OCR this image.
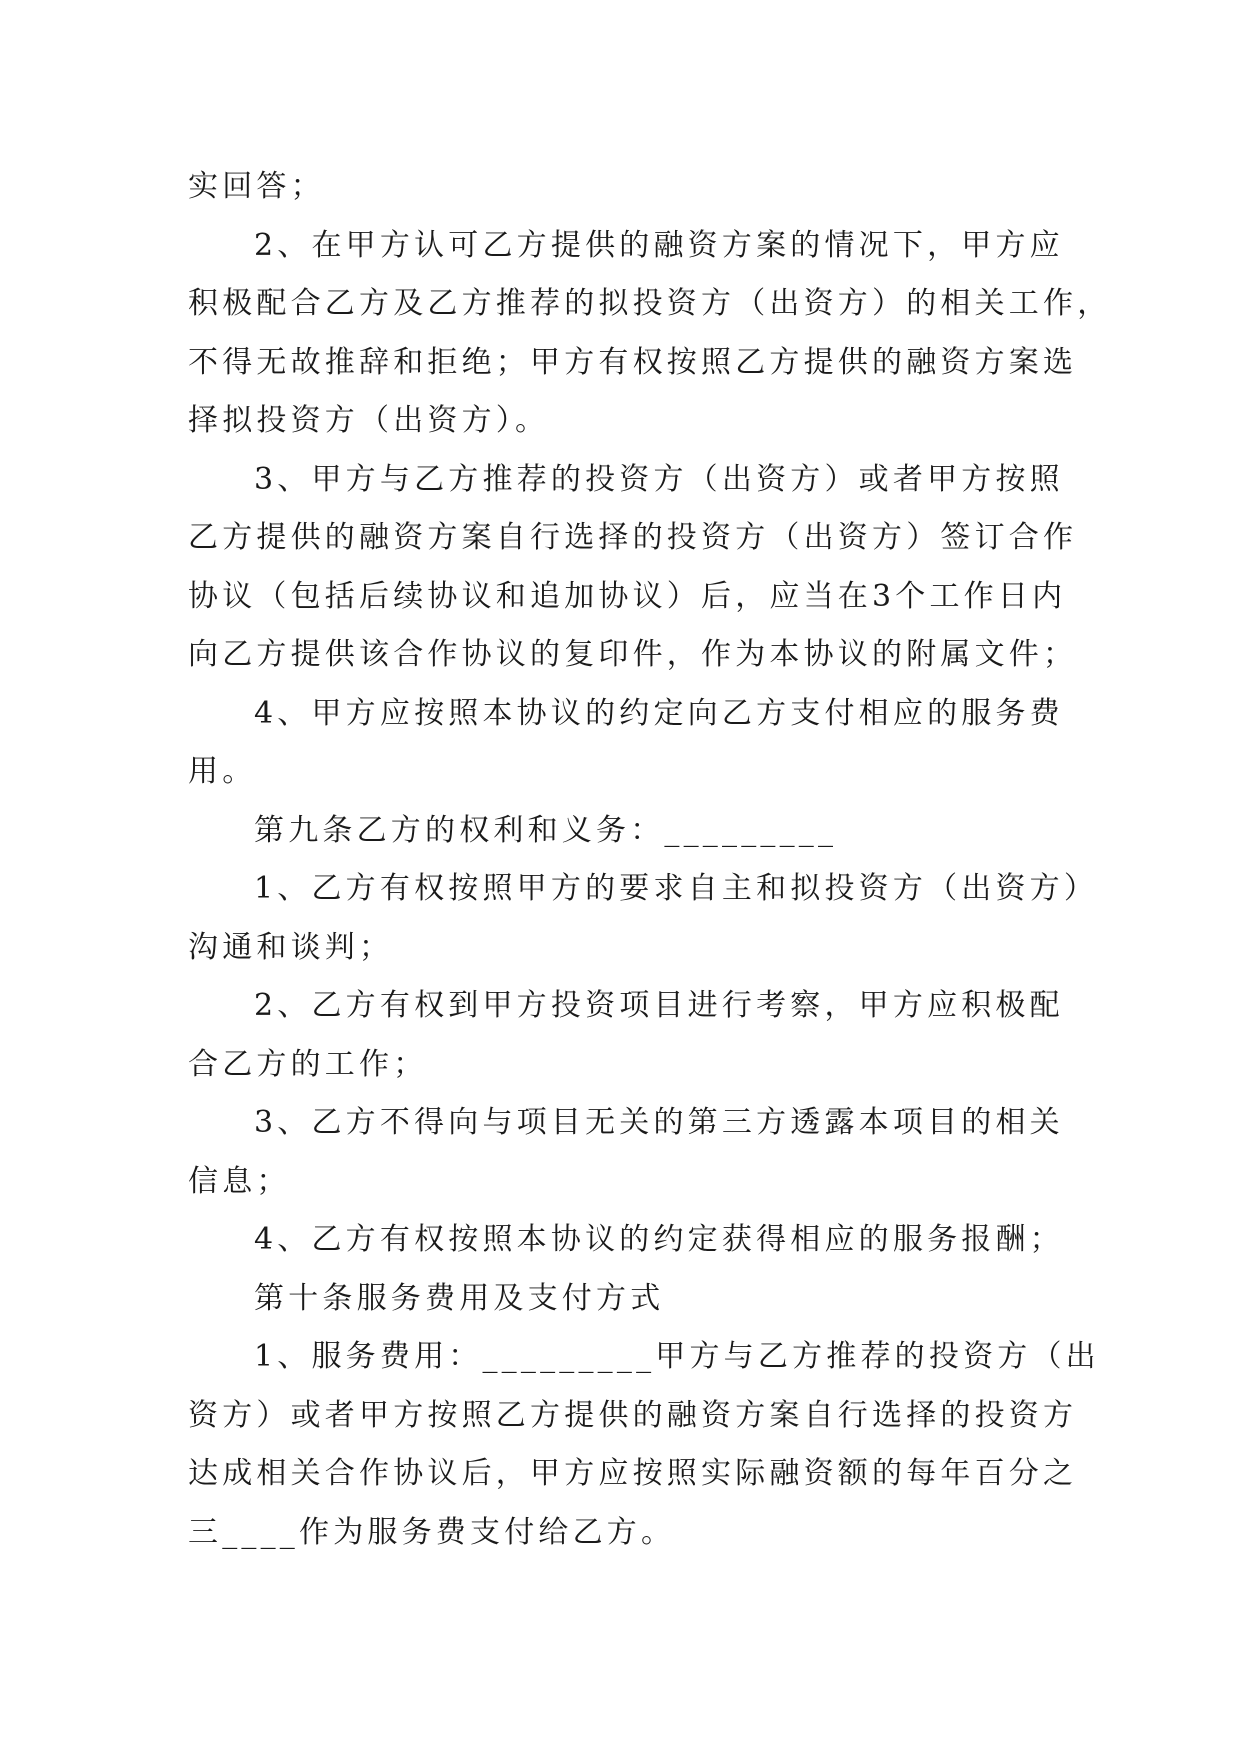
实回答；

2、在甲方认可乙方提供的融资方案的情况下，甲方应

积极配合乙方及乙方推荐的拟投资方（出资方）的相关工作，

不得无故推辞和拒绝；甲方有权按照乙方提供的融资方案选

择拟投资方（出资方）。

3、甲方与乙方推荐的投资方（出资方）或者甲方按照

乙方提供的融资方案自行选择的投资方（出资方）签订合作

协议（包括后续协议和追加协议）后，应当在3个工作日内

向乙方提供该合作协议的复印件，作为本协议的附属文件；

4、甲方应按照本协议的约定向乙方支付相应的服务费

用。

第九条乙方的权利和义务：_________

1、乙方有权按照甲方的要求自主和拟投资方（出资方）

沟通和谈判；

2、乙方有权到甲方投资项目进行考察，甲方应积极配

合乙方的工作；

3、乙方不得向与项目无关的第三方透露本项目的相关

信息；

4、乙方有权按照本协议的约定获得相应的服务报酬；

第十条服务费用及支付方式

1、服务费用：_________甲方与乙方推荐的投资方（出

资方）或者甲方按照乙方提供的融资方案自行选择的投资方

达成相关合作协议后，甲方应按照实际融资额的每年百分之

三____作为服务费支付给乙方。
